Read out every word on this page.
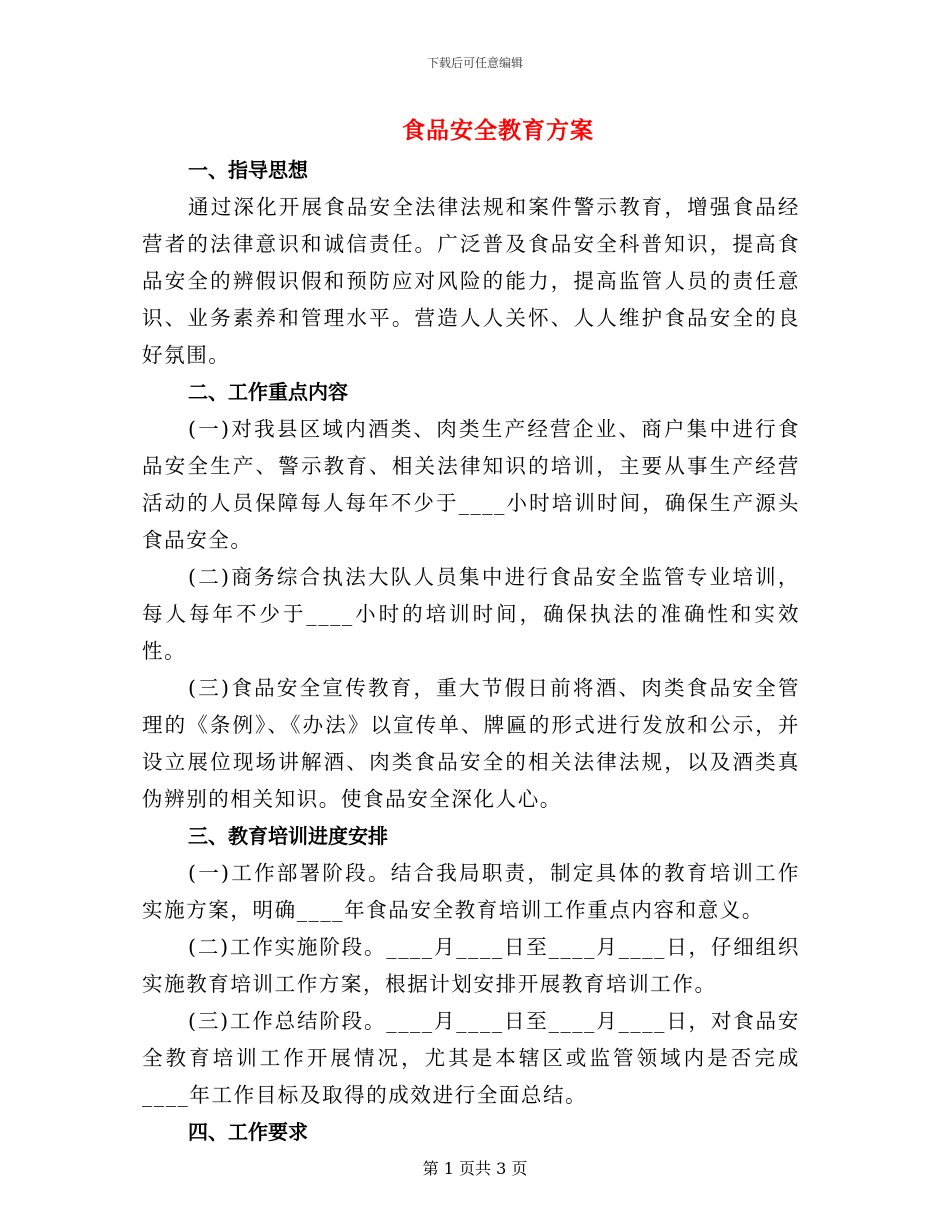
下载后可任意编辑
食品安全教育方案

一、指导思想

通过深化开展食品安全法律法规和案件警示教育，增强食品经营者的法律意识和诚信责任。广泛普及食品安全科普知识，提高食品安全的辨假识假和预防应对风险的能力，提高监管人员的责任意识、业务素养和管理水平。营造人人关怀、人人维护食品安全的良好氛围。

二、工作重点内容

(一)对我县区域内酒类、肉类生产经营企业、商户集中进行食品安全生产、警示教育、相关法律知识的培训，主要从事生产经营活动的人员保障每人每年不少于____小时培训时间，确保生产源头食品安全。

(二)商务综合执法大队人员集中进行食品安全监管专业培训，每人每年不少于____小时的培训时间，确保执法的准确性和实效性。

(三)食品安全宣传教育，重大节假日前将酒、肉类食品安全管理的《条例》、《办法》以宣传单、牌匾的形式进行发放和公示，并设立展位现场讲解酒、肉类食品安全的相关法律法规，以及酒类真伪辨别的相关知识。使食品安全深化人心。

三、教育培训进度安排

(一)工作部署阶段。结合我局职责，制定具体的教育培训工作实施方案，明确____年食品安全教育培训工作重点内容和意义。

(二)工作实施阶段。____月____日至____月____日，仔细组织实施教育培训工作方案，根据计划安排开展教育培训工作。

(三)工作总结阶段。____月____日至____月____日，对食品安全教育培训工作开展情况，尤其是本辖区或监管领域内是否完成____年工作目标及取得的成效进行全面总结。

四、工作要求

第 1 页共 3 页
